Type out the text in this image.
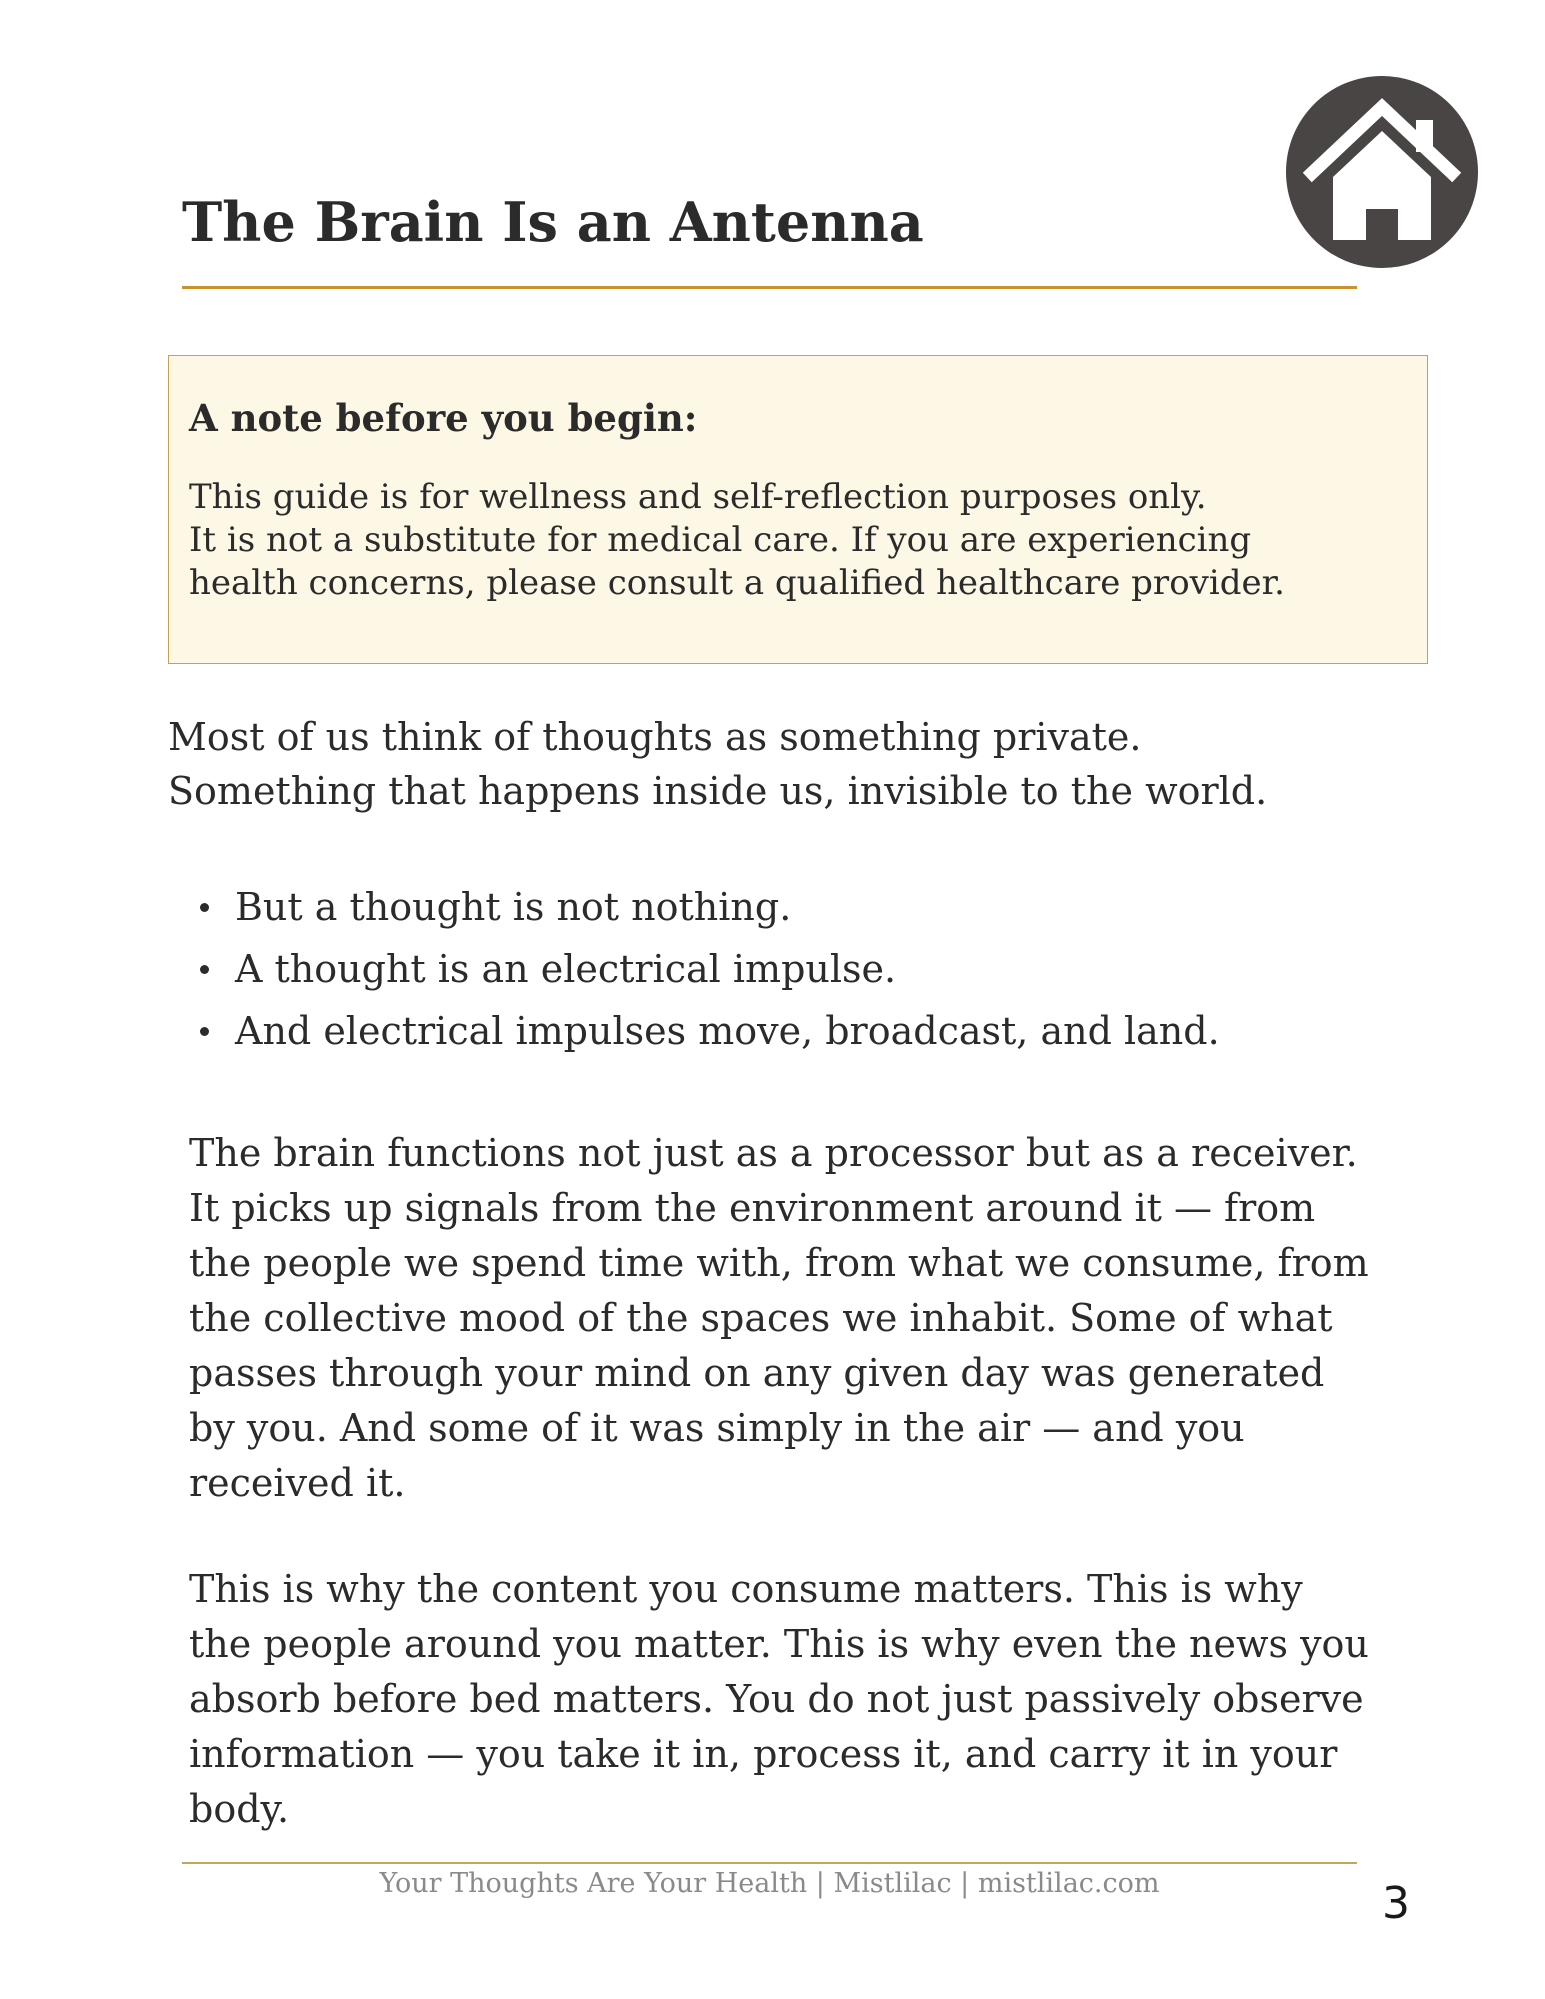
The Brain Is an Antenna
A note before you begin:

This guide is for wellness and self-reflection purposes only.
It is not a substitute for medical care. If you are experiencing
health concerns, please consult a qualified healthcare provider.

Most of us think of thoughts as something private.
Something that happens inside us, invisible to the world.

But a thought is not nothing.
A thought is an electrical impulse.
And electrical impulses move, broadcast, and land.

The brain functions not just as a processor but as a receiver.
It picks up signals from the environment around it — from
the people we spend time with, from what we consume, from
the collective mood of the spaces we inhabit. Some of what
passes through your mind on any given day was generated
by you. And some of it was simply in the air — and you
received it.

This is why the content you consume matters. This is why
the people around you matter. This is why even the news you
absorb before bed matters. You do not just passively observe
information — you take it in, process it, and carry it in your
body.

Your Thoughts Are Your Health | Mistlilac | mistlilac.com	3
